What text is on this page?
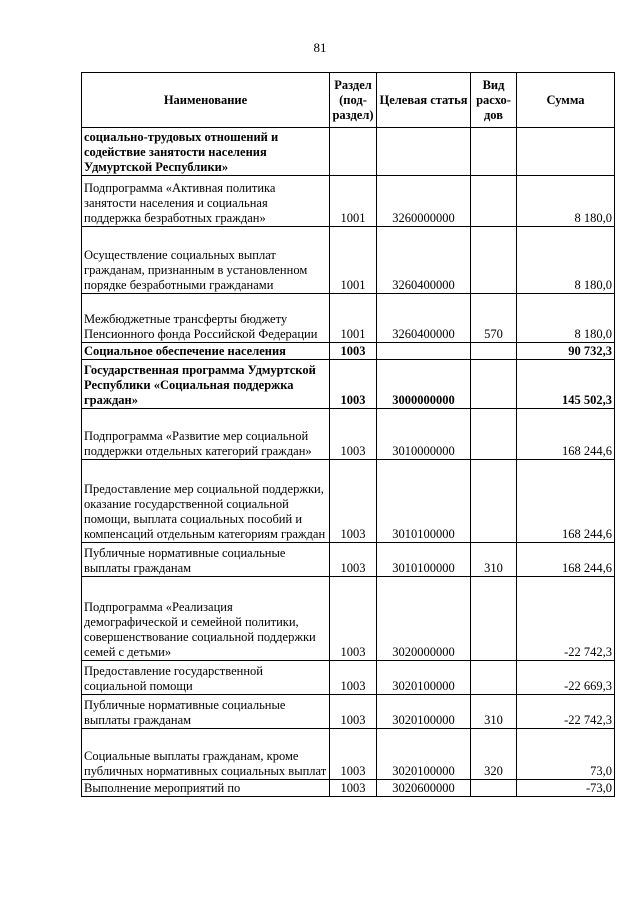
81
Наименование	Раздел (под-раздел)	Целевая статья	Вид расхо-дов	Сумма
социально-трудовых отношений и содействие занятости населения Удмуртской Республики»				
Подпрограмма «Активная политика занятости населения и социальная поддержка безработных граждан»	1001	3260000000		8 180,0
Осуществление социальных выплат гражданам, признанным в установленном порядке безработными гражданами	1001	3260400000		8 180,0
Межбюджетные трансферты бюджету Пенсионного фонда Российской Федерации	1001	3260400000	570	8 180,0
Социальное обеспечение населения	1003			90 732,3
Государственная программа Удмуртской Республики «Социальная поддержка граждан»	1003	3000000000		145 502,3
Подпрограмма «Развитие мер социальной поддержки отдельных категорий граждан»	1003	3010000000		168 244,6
Предоставление мер социальной поддержки, оказание государственной социальной помощи, выплата социальных пособий и компенсаций отдельным категориям граждан	1003	3010100000		168 244,6
Публичные нормативные социальные выплаты гражданам	1003	3010100000	310	168 244,6
Подпрограмма «Реализация демографической и семейной политики, совершенствование социальной поддержки семей с детьми»	1003	3020000000		-22 742,3
Предоставление государственной социальной помощи	1003	3020100000		-22 669,3
Публичные нормативные социальные выплаты гражданам	1003	3020100000	310	-22 742,3
Социальные выплаты гражданам, кроме публичных нормативных социальных выплат	1003	3020100000	320	73,0
Выполнение мероприятий по	1003	3020600000		-73,0
